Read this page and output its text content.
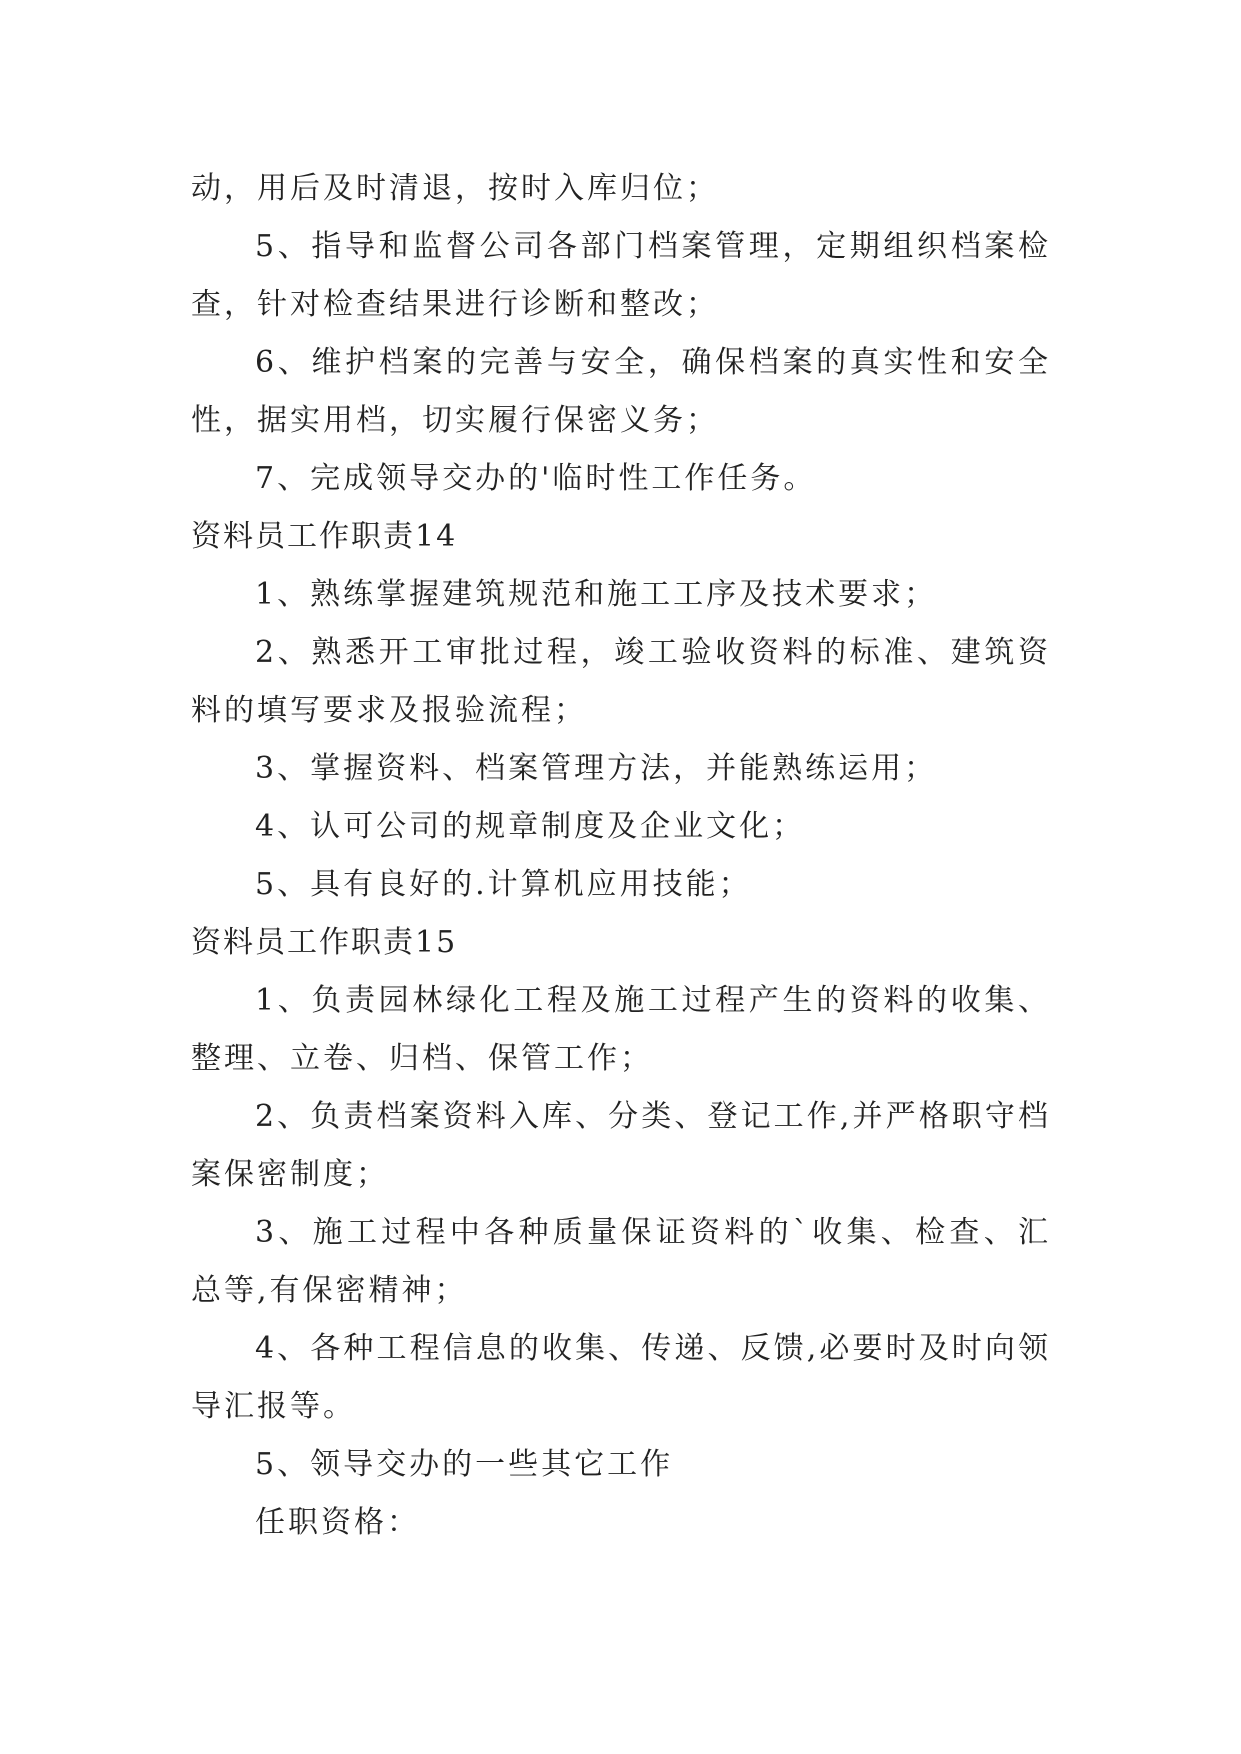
动，用后及时清退，按时入库归位；

5、指导和监督公司各部门档案管理，定期组织档案检查，针对检查结果进行诊断和整改；

6、维护档案的完善与安全，确保档案的真实性和安全性，据实用档，切实履行保密义务；

7、完成领导交办的'临时性工作任务。

资料员工作职责14

1、熟练掌握建筑规范和施工工序及技术要求；

2、熟悉开工审批过程，竣工验收资料的标准、建筑资料的填写要求及报验流程；

3、掌握资料、档案管理方法，并能熟练运用；

4、认可公司的规章制度及企业文化；

5、具有良好的.计算机应用技能；

资料员工作职责15

1、负责园林绿化工程及施工过程产生的资料的收集、整理、立卷、归档、保管工作；

2、负责档案资料入库、分类、登记工作,并严格职守档案保密制度；

3、施工过程中各种质量保证资料的`收集、检查、汇总等,有保密精神；

4、各种工程信息的收集、传递、反馈,必要时及时向领导汇报等。

5、领导交办的一些其它工作

任职资格：
